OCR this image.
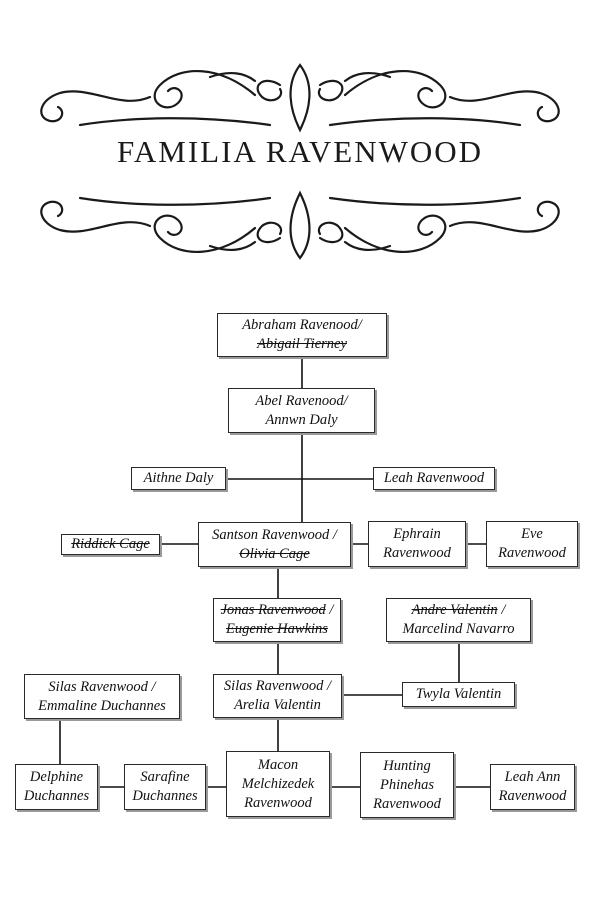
FAMILIA RAVENWOOD
Abraham Ravenood/
Abigail Tierney
Abel Ravenood/
Annwn Daly
Aithne Daly	Leah Ravenwood
Riddick Cage
Santson Ravenwood /
Olivia Cage
Ephrain
Ravenwood
Eve
Ravenwood
Jonas Ravenwood /
Eugenie Hawkins
Andre Valentin /
Marcelind Navarro
Silas Ravenwood /
Emmaline Duchannes
Silas Ravenwood /
Arelia Valentin
Twyla Valentin
Delphine
Duchannes
Sarafine
Duchannes
Macon
Melchizedek
Ravenwood
Hunting
Phinehas
Ravenwood
Leah Ann
Ravenwood
